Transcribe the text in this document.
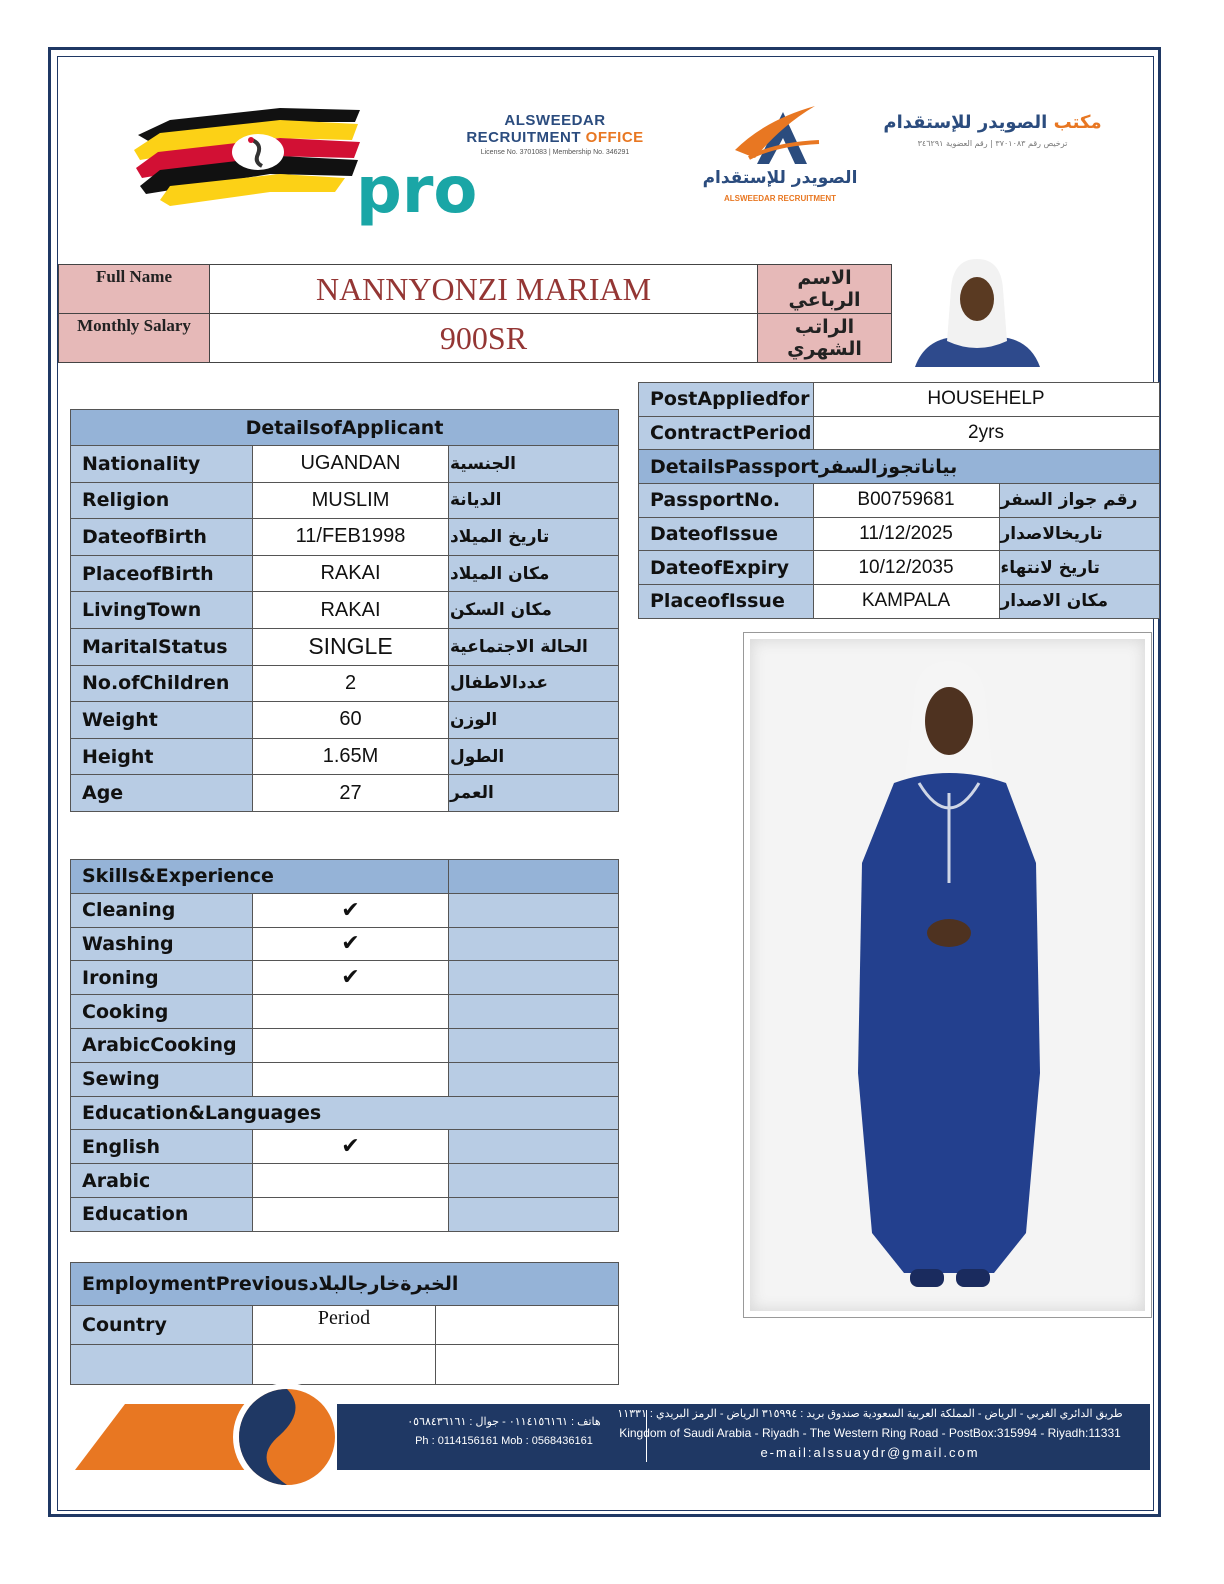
pro
ALSWEEDAR
RECRUITMENT OFFICE
License No. 3701083 | Membership No. 346291
الصويدر للإستقدام
ALSWEEDAR RECRUITMENT
مكتب الصويدر للإستقدام
ترخيص رقم ٣٧٠١٠٨٣ | رقم العضوية ٣٤٦٢٩١
Full Name	NANNYONZI MARIAM	الاسم الرباعي
Monthly Salary	900SR	الراتب الشهري
DetailsofApplicant		
Nationality	UGANDAN	الجنسية
Religion	MUSLIM	الديانة
DateofBirth	11/FEB1998	تاريخ الميلاد
PlaceofBirth	RAKAI	مكان الميلاد
LivingTown	RAKAI	مكان السكن
MaritalStatus	SINGLE	الحالة الاجتماعية
No.ofChildren	2	عددالاطفال
Weight	60	الوزن
Height	1.65M	الطول
Age	27	العمر
PostAppliedfor	HOUSEHELP	
ContractPeriod	2yrs	
DetailsPassportبياناتجوزالسفر		
PassportNo.	B00759681	رقم جواز السفر
DateofIssue	11/12/2025	تاريخالاصدار
DateofExpiry	10/12/2035	تاريخ لانتهاء
PlaceofIssue	KAMPALA	مكان الاصدار
Skills&Experience		
Cleaning	✔	
Washing	✔	
Ironing	✔	
Cooking		
ArabicCooking		
Sewing		
Education&Languages		
English	✔	
Arabic		
Education		
EmploymentPreviousالخبرةخارجالبلاد		
Country	Period	

هاتف : ٠١١٤١٥٦١٦١ - جوال : ٠٥٦٨٤٣٦١٦١
Ph : 0114156161 Mob : 0568436161
طريق الدائري الغربي - الرياض - المملكة العربية السعودية صندوق بريد : ٣١٥٩٩٤ الرياض - الرمز البريدي : ١١٣٣١
Kingdom of Saudi Arabia - Riyadh - The Western Ring Road - PostBox:315994 - Riyadh:11331
e-mail:alssuaydr@gmail.com
